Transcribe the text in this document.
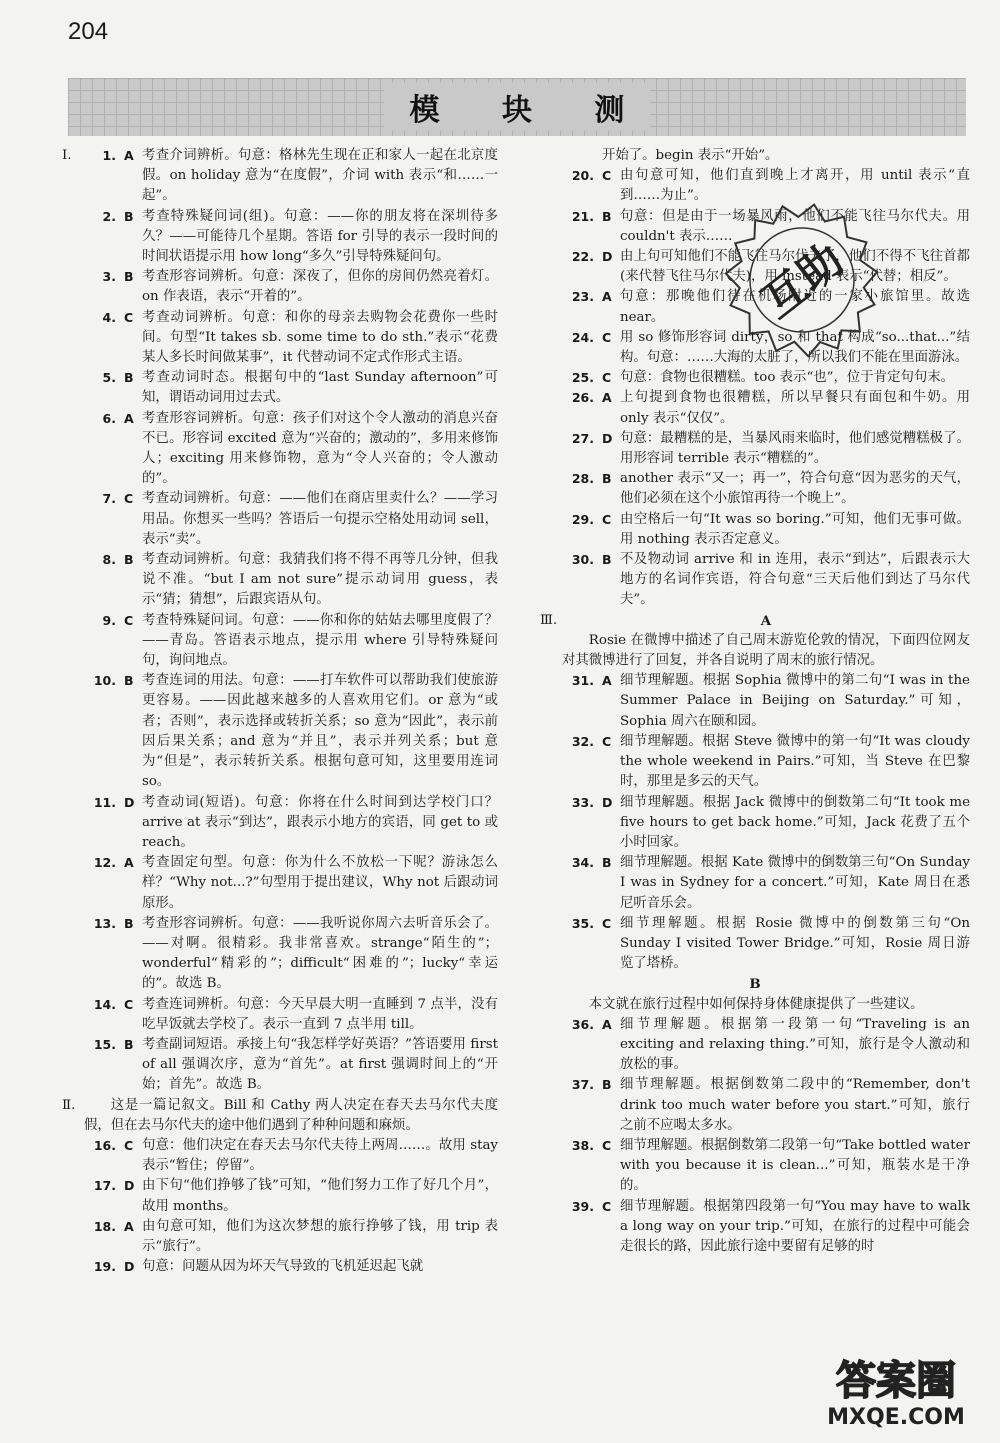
204
模 块 测
Ⅰ.	1. A 考查介词辨析。句意：格林先生现在正和家人一起在北京度假。on holiday 意为“在度假”，介词 with 表示“和……一起”。
2. B 考查特殊疑问词(组)。句意：——你的朋友将在深圳待多久？——可能待几个星期。答语 for 引导的表示一段时间的时间状语提示用 how long“多久”引导特殊疑问句。
3. B 考查形容词辨析。句意：深夜了，但你的房间仍然亮着灯。on 作表语，表示“开着的”。
4. C 考查动词辨析。句意：和你的母亲去购物会花费你一些时间。句型“It takes sb. some time to do sth.”表示“花费某人多长时间做某事”，it 代替动词不定式作形式主语。
5. B 考查动词时态。根据句中的“last Sunday afternoon”可知，谓语动词用过去式。
6. A 考查形容词辨析。句意：孩子们对这个令人激动的消息兴奋不已。形容词 excited 意为“兴奋的；激动的”，多用来修饰人；exciting 用来修饰物，意为“令人兴奋的；令人激动的”。
7. C 考查动词辨析。句意：——他们在商店里卖什么？——学习用品。你想买一些吗？答语后一句提示空格处用动词 sell，表示“卖”。
8. B 考查动词辨析。句意：我猜我们将不得不再等几分钟，但我说不准。“but I am not sure”提示动词用 guess，表示“猜；猜想”，后跟宾语从句。
9. C 考查特殊疑问词。句意：——你和你的姑姑去哪里度假了？——青岛。答语表示地点，提示用 where 引导特殊疑问句，询问地点。
10. B 考查连词的用法。句意：——打车软件可以帮助我们使旅游更容易。——因此越来越多的人喜欢用它们。or 意为“或者；否则”，表示选择或转折关系；so 意为“因此”，表示前因后果关系；and 意为“并且”，表示并列关系；but 意为“但是”，表示转折关系。根据句意可知，这里要用连词 so。
11. D 考查动词(短语)。句意：你将在什么时间到达学校门口？arrive at 表示“到达”，跟表示小地方的宾语，同 get to 或 reach。
12. A 考查固定句型。句意：你为什么不放松一下呢？游泳怎么样？“Why not...?”句型用于提出建议，Why not 后跟动词原形。
13. B 考查形容词辨析。句意：——我听说你周六去听音乐会了。——对啊。很精彩。我非常喜欢。strange“陌生的”；wonderful“精彩的”；difficult“困难的”；lucky“幸运的”。故选 B。
14. C 考查连词辨析。句意：今天早晨大明一直睡到 7 点半，没有吃早饭就去学校了。表示一直到 7 点半用 till。
15. B 考查副词短语。承接上句“我怎样学好英语？”答语要用 first of all 强调次序，意为“首先”。at first 强调时间上的“开始；首先”。故选 B。
Ⅱ.	这是一篇记叙文。Bill 和 Cathy 两人决定在春天去马尔代夫度假，但在去马尔代夫的途中他们遇到了种种问题和麻烦。
16. C 句意：他们决定在春天去马尔代夫待上两周……。故用 stay 表示“暂住；停留”。
17. D 由下句“他们挣够了钱”可知，“他们努力工作了好几个月”，故用 months。
18. A 由句意可知，他们为这次梦想的旅行挣够了钱，用 trip 表示“旅行”。
19. D 句意：问题从因为坏天气导致的飞机延迟起飞就
开始了。begin 表示“开始”。
20. C 由句意可知，他们直到晚上才离开，用 until 表示“直到……为止”。
21. B 句意：但是由于一场暴风雨，他们不能飞往马尔代夫。用 couldn't 表示……
22. D 由上句可知他们不能飞往马尔代夫了，他们不得不飞往首都(来代替飞往马尔代夫)，用 instead 表示“代替；相反”。
23. A 句意：那晚他们待在机场附近的一家小旅馆里。故选 near。
24. C 用 so 修饰形容词 dirty，so 和 that 构成“so...that...”结构。句意：……大海的太脏了，所以我们不能在里面游泳。
25. C 句意：食物也很糟糕。too 表示“也”，位于肯定句句末。
26. A 上句提到食物也很糟糕，所以早餐只有面包和牛奶。用 only 表示“仅仅”。
27. D 句意：最糟糕的是，当暴风雨来临时，他们感觉糟糕极了。用形容词 terrible 表示“糟糕的”。
28. B another 表示“又一；再一”，符合句意“因为恶劣的天气，他们必须在这个小旅馆再待一个晚上”。
29. C 由空格后一句“It was so boring.”可知，他们无事可做。用 nothing 表示否定意义。
30. B 不及物动词 arrive 和 in 连用，表示“到达”，后跟表示大地方的名词作宾语，符合句意“三天后他们到达了马尔代夫”。
Ⅲ.	A
Rosie 在微博中描述了自己周末游览伦敦的情况，下面四位网友对其微博进行了回复，并各自说明了周末的旅行情况。
31. A 细节理解题。根据 Sophia 微博中的第二句“I was in the Summer Palace in Beijing on Saturday.”可知，Sophia 周六在颐和园。
32. C 细节理解题。根据 Steve 微博中的第一句“It was cloudy the whole weekend in Pairs.”可知，当 Steve 在巴黎时，那里是多云的天气。
33. D 细节理解题。根据 Jack 微博中的倒数第二句“It took me five hours to get back home.”可知，Jack 花费了五个小时回家。
34. B 细节理解题。根据 Kate 微博中的倒数第三句“On Sunday I was in Sydney for a concert.”可知，Kate 周日在悉尼听音乐会。
35. C 细节理解题。根据 Rosie 微博中的倒数第三句“On Sunday I visited Tower Bridge.”可知，Rosie 周日游览了塔桥。
B
本文就在旅行过程中如何保持身体健康提供了一些建议。
36. A 细节理解题。根据第一段第一句“Traveling is an exciting and relaxing thing.”可知，旅行是令人激动和放松的事。
37. B 细节理解题。根据倒数第二段中的“Remember, don't drink too much water before you start.”可知，旅行之前不应喝太多水。
38. C 细节理解题。根据倒数第二段第一句“Take bottled water with you because it is clean...”可知，瓶装水是干净的。
39. C 细节理解题。根据第四段第一句“You may have to walk a long way on your trip.”可知，在旅行的过程中可能会走很长的路，因此旅行途中要留有足够的时
互助
答案圈
MXQE.COM
